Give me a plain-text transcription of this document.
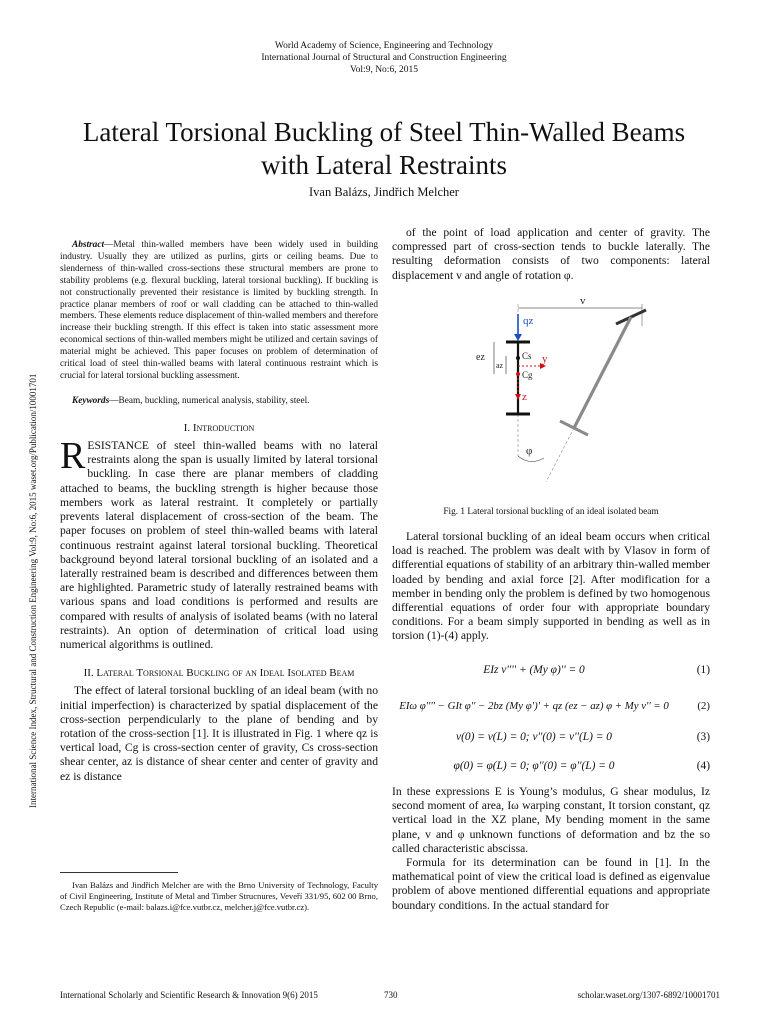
World Academy of Science, Engineering and Technology
International Journal of Structural and Construction Engineering
Vol:9, No:6, 2015
Lateral Torsional Buckling of Steel Thin-Walled Beams with Lateral Restraints
Ivan Balázs, Jindřich Melcher
International Science Index, Structural and Construction Engineering Vol:9, No:6, 2015 waset.org/Publication/10001701

Abstract—Metal thin-walled members have been widely used in building industry. Usually they are utilized as purlins, girts or ceiling beams. Due to slenderness of thin-walled cross-sections these structural members are prone to stability problems (e.g. flexural buckling, lateral torsional buckling). If buckling is not constructionally prevented their resistance is limited by buckling strength. In practice planar members of roof or wall cladding can be attached to thin-walled members. These elements reduce displacement of thin-walled members and therefore increase their buckling strength. If this effect is taken into static assessment more economical sections of thin-walled members might be utilized and certain savings of material might be achieved. This paper focuses on problem of determination of critical load of steel thin-walled beams with lateral continuous restraint which is crucial for lateral torsional buckling assessment.

Keywords—Beam, buckling, numerical analysis, stability, steel.

I. Introduction

RESISTANCE of steel thin-walled beams with no lateral restraints along the span is usually limited by lateral torsional buckling. In case there are planar members of cladding attached to beams, the buckling strength is higher because those members work as lateral restraint. It completely or partially prevents lateral displacement of cross-section of the beam. The paper focuses on problem of steel thin-walled beams with lateral continuous restraint against lateral torsional buckling. Theoretical background beyond lateral torsional buckling of an isolated and a laterally restrained beam is described and differences between them are highlighted. Parametric study of laterally restrained beams with various spans and load conditions is performed and results are compared with results of analysis of isolated beams (with no lateral restraints). An option of determination of critical load using numerical algorithms is outlined.

II. Lateral Torsional Buckling of an Ideal Isolated Beam

The effect of lateral torsional buckling of an ideal beam (with no initial imperfection) is characterized by spatial displacement of the cross-section perpendicularly to the plane of bending and by rotation of the cross-section [1]. It is illustrated in Fig. 1 where qz is vertical load, Cg is cross-section center of gravity, Cs cross-section shear center, az is distance of shear center and center of gravity and ez is distance

Ivan Balázs and Jindřich Melcher are with the Brno University of Technology, Faculty of Civil Engineering, Institute of Metal and Timber Strucnures, Veveří 331/95, 602 00 Brno, Czech Republic (e-mail: balazs.i@fce.vutbr.cz, melcher.j@fce.vutbr.cz).

of the point of load application and center of gravity. The compressed part of cross-section tends to buckle laterally. The resulting deformation consists of two components: lateral displacement v and angle of rotation φ.

v
qz
ez
az
Cs
Cg
y
z
φ
Fig. 1 Lateral torsional buckling of an ideal isolated beam

Lateral torsional buckling of an ideal beam occurs when critical load is reached. The problem was dealt with by Vlasov in form of differential equations of stability of an arbitrary thin-walled member loaded by bending and axial force [2]. After modification for a member in bending only the problem is defined by two homogenous differential equations of order four with appropriate boundary conditions. For a beam simply supported in bending as well as in torsion (1)-(4) apply.

EIz v'''' + (My φ)'' = 0	(1)
EIω φ'''' − GIt φ'' − 2bz (My φ')' + qz (ez − az) φ + My v'' = 0	(2)
v(0) = v(L) = 0; v''(0) = v''(L) = 0	(3)
φ(0) = φ(L) = 0; φ''(0) = φ''(L) = 0	(4)

In these expressions E is Young’s modulus, G shear modulus, Iz second moment of area, Iω warping constant, It torsion constant, qz vertical load in the XZ plane, My bending moment in the same plane, v and φ unknown functions of deformation and bz the so called characteristic abscissa.

Formula for its determination can be found in [1]. In the mathematical point of view the critical load is defined as eigenvalue problem of above mentioned differential equations and appropriate boundary conditions. In the actual standard for

International Scholarly and Scientific Research & Innovation 9(6) 2015	730	scholar.waset.org/1307-6892/10001701
